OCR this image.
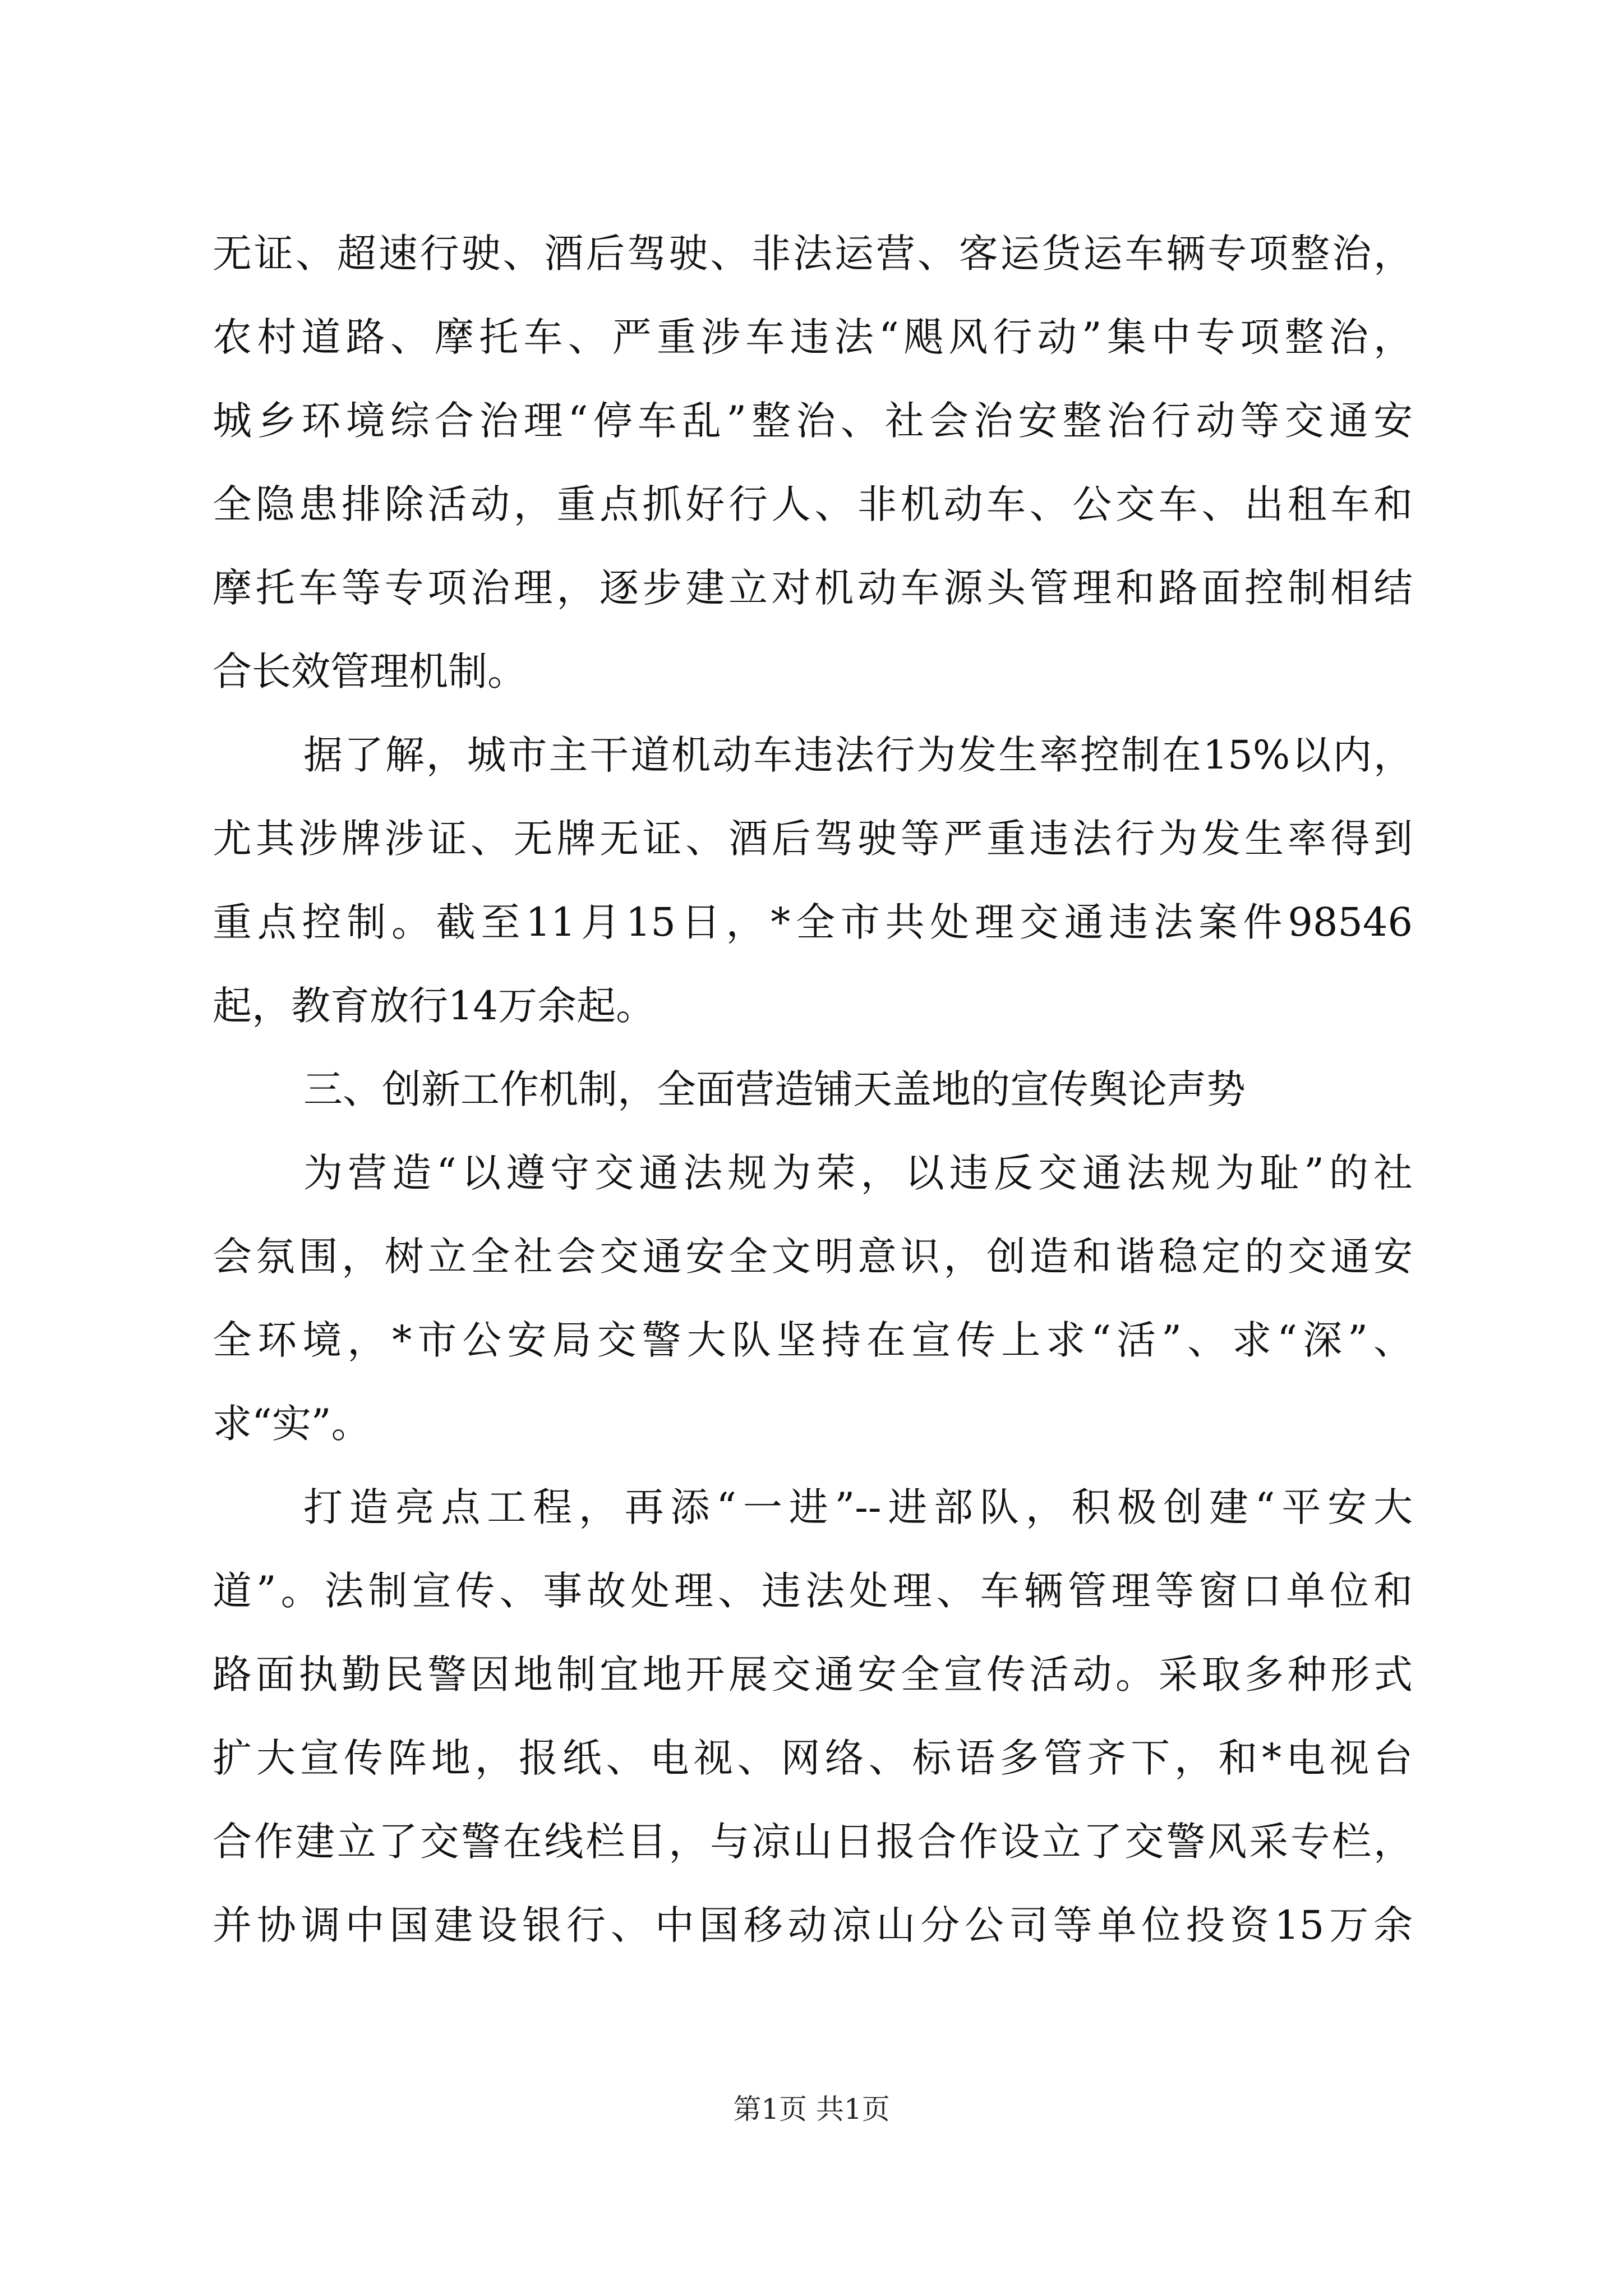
无证、超速行驶、酒后驾驶、非法运营、客运货运车辆专项整治，
农村道路、摩托车、严重涉车违法“飓风行动”集中专项整治，
城乡环境综合治理“停车乱”整治、社会治安整治行动等交通安
全隐患排除活动，重点抓好行人、非机动车、公交车、出租车和
摩托车等专项治理，逐步建立对机动车源头管理和路面控制相结
合长效管理机制。
据了解，城市主干道机动车违法行为发生率控制在15%以内，
尤其涉牌涉证、无牌无证、酒后驾驶等严重违法行为发生率得到
重点控制。截至11月15日，*全市共处理交通违法案件98546
起，教育放行14万余起。
三、创新工作机制，全面营造铺天盖地的宣传舆论声势
为营造“以遵守交通法规为荣，以违反交通法规为耻”的社
会氛围，树立全社会交通安全文明意识，创造和谐稳定的交通安
全环境，*市公安局交警大队坚持在宣传上求“活”、求“深”、
求“实”。
打造亮点工程，再添“一进”--进部队，积极创建“平安大
道”。法制宣传、事故处理、违法处理、车辆管理等窗口单位和
路面执勤民警因地制宜地开展交通安全宣传活动。采取多种形式
扩大宣传阵地，报纸、电视、网络、标语多管齐下，和*电视台
合作建立了交警在线栏目，与凉山日报合作设立了交警风采专栏，
并协调中国建设银行、中国移动凉山分公司等单位投资15万余
第1页 共1页
